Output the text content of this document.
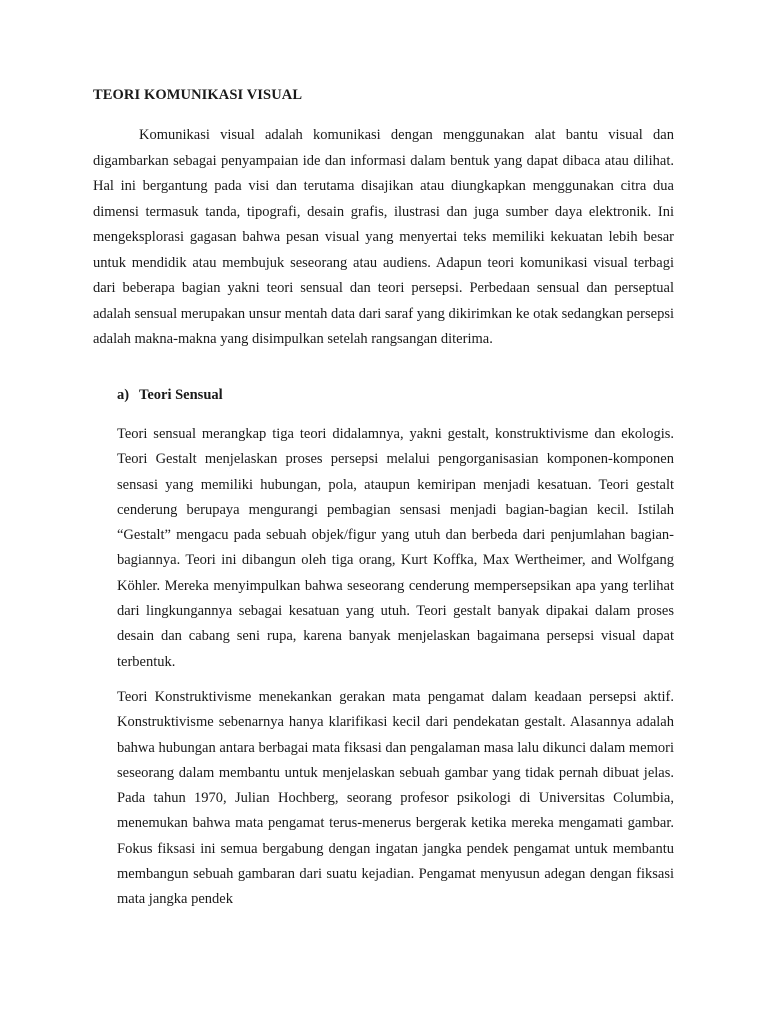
TEORI KOMUNIKASI VISUAL

Komunikasi visual adalah komunikasi dengan menggunakan alat bantu visual dan digambarkan sebagai penyampaian ide dan informasi dalam bentuk yang dapat dibaca atau dilihat. Hal ini bergantung pada visi dan terutama disajikan atau diungkapkan menggunakan citra dua dimensi termasuk tanda, tipografi, desain grafis, ilustrasi dan juga sumber daya elektronik. Ini mengeksplorasi gagasan bahwa pesan visual yang menyertai teks memiliki kekuatan lebih besar untuk mendidik atau membujuk seseorang atau audiens. Adapun teori komunikasi visual terbagi dari beberapa bagian yakni teori sensual dan teori persepsi. Perbedaan sensual dan perseptual adalah sensual merupakan unsur mentah data dari saraf yang dikirimkan ke otak sedangkan persepsi adalah makna-makna yang disimpulkan setelah rangsangan diterima.

a) Teori Sensual

Teori sensual merangkap tiga teori didalamnya, yakni gestalt, konstruktivisme dan ekologis. Teori Gestalt menjelaskan proses persepsi melalui pengorganisasian komponen-komponen sensasi yang memiliki hubungan, pola, ataupun kemiripan menjadi kesatuan. Teori gestalt cenderung berupaya mengurangi pembagian sensasi menjadi bagian-bagian kecil. Istilah “Gestalt” mengacu pada sebuah objek/figur yang utuh dan berbeda dari penjumlahan bagian-bagiannya. Teori ini dibangun oleh tiga orang, Kurt Koffka, Max Wertheimer, and Wolfgang Köhler. Mereka menyimpulkan bahwa seseorang cenderung mempersepsikan apa yang terlihat dari lingkungannya sebagai kesatuan yang utuh. Teori gestalt banyak dipakai dalam proses desain dan cabang seni rupa, karena banyak menjelaskan bagaimana persepsi visual dapat terbentuk.

Teori Konstruktivisme menekankan gerakan mata pengamat dalam keadaan persepsi aktif. Konstruktivisme sebenarnya hanya klarifikasi kecil dari pendekatan gestalt. Alasannya adalah bahwa hubungan antara berbagai mata fiksasi dan pengalaman masa lalu dikunci dalam memori seseorang dalam membantu untuk menjelaskan sebuah gambar yang tidak pernah dibuat jelas. Pada tahun 1970, Julian Hochberg, seorang profesor psikologi di Universitas Columbia, menemukan bahwa mata pengamat terus-menerus bergerak ketika mereka mengamati gambar. Fokus fiksasi ini semua bergabung dengan ingatan jangka pendek pengamat untuk membantu membangun sebuah gambaran dari suatu kejadian. Pengamat menyusun adegan dengan fiksasi mata jangka pendek
